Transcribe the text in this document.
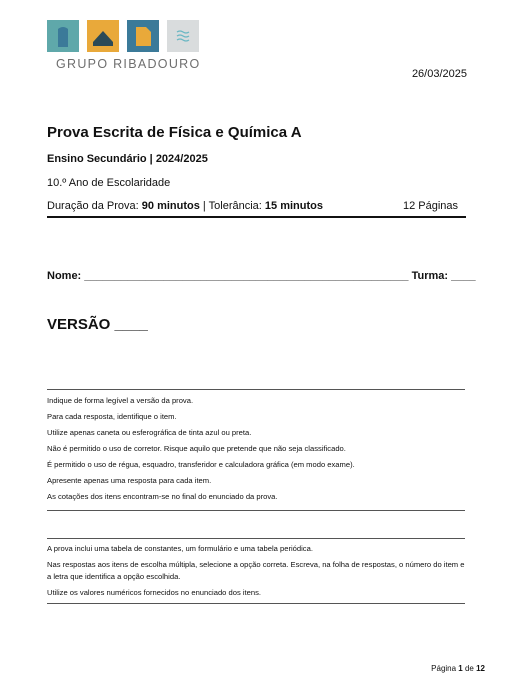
GRUPO RIBADOURO
26/03/2025
Prova Escrita de Física e Química A
Ensino Secundário | 2024/2025
10.º Ano de Escolaridade
Duração da Prova: 90 minutos | Tolerância: 15 minutos	12 Páginas
Nome: _____________________________________________________ Turma: ____
VERSÃO ____
Indique de forma legível a versão da prova.
Para cada resposta, identifique o item.
Utilize apenas caneta ou esferográfica de tinta azul ou preta.
Não é permitido o uso de corretor. Risque aquilo que pretende que não seja classificado.
É permitido o uso de régua, esquadro, transferidor e calculadora gráfica (em modo exame).
Apresente apenas uma resposta para cada item.
As cotações dos itens encontram-se no final do enunciado da prova.
A prova inclui uma tabela de constantes, um formulário e uma tabela periódica.
Nas respostas aos itens de escolha múltipla, selecione a opção correta. Escreva, na folha de respostas, o número do item e a letra que identifica a opção escolhida.
Utilize os valores numéricos fornecidos no enunciado dos itens.
Página 1 de 12
